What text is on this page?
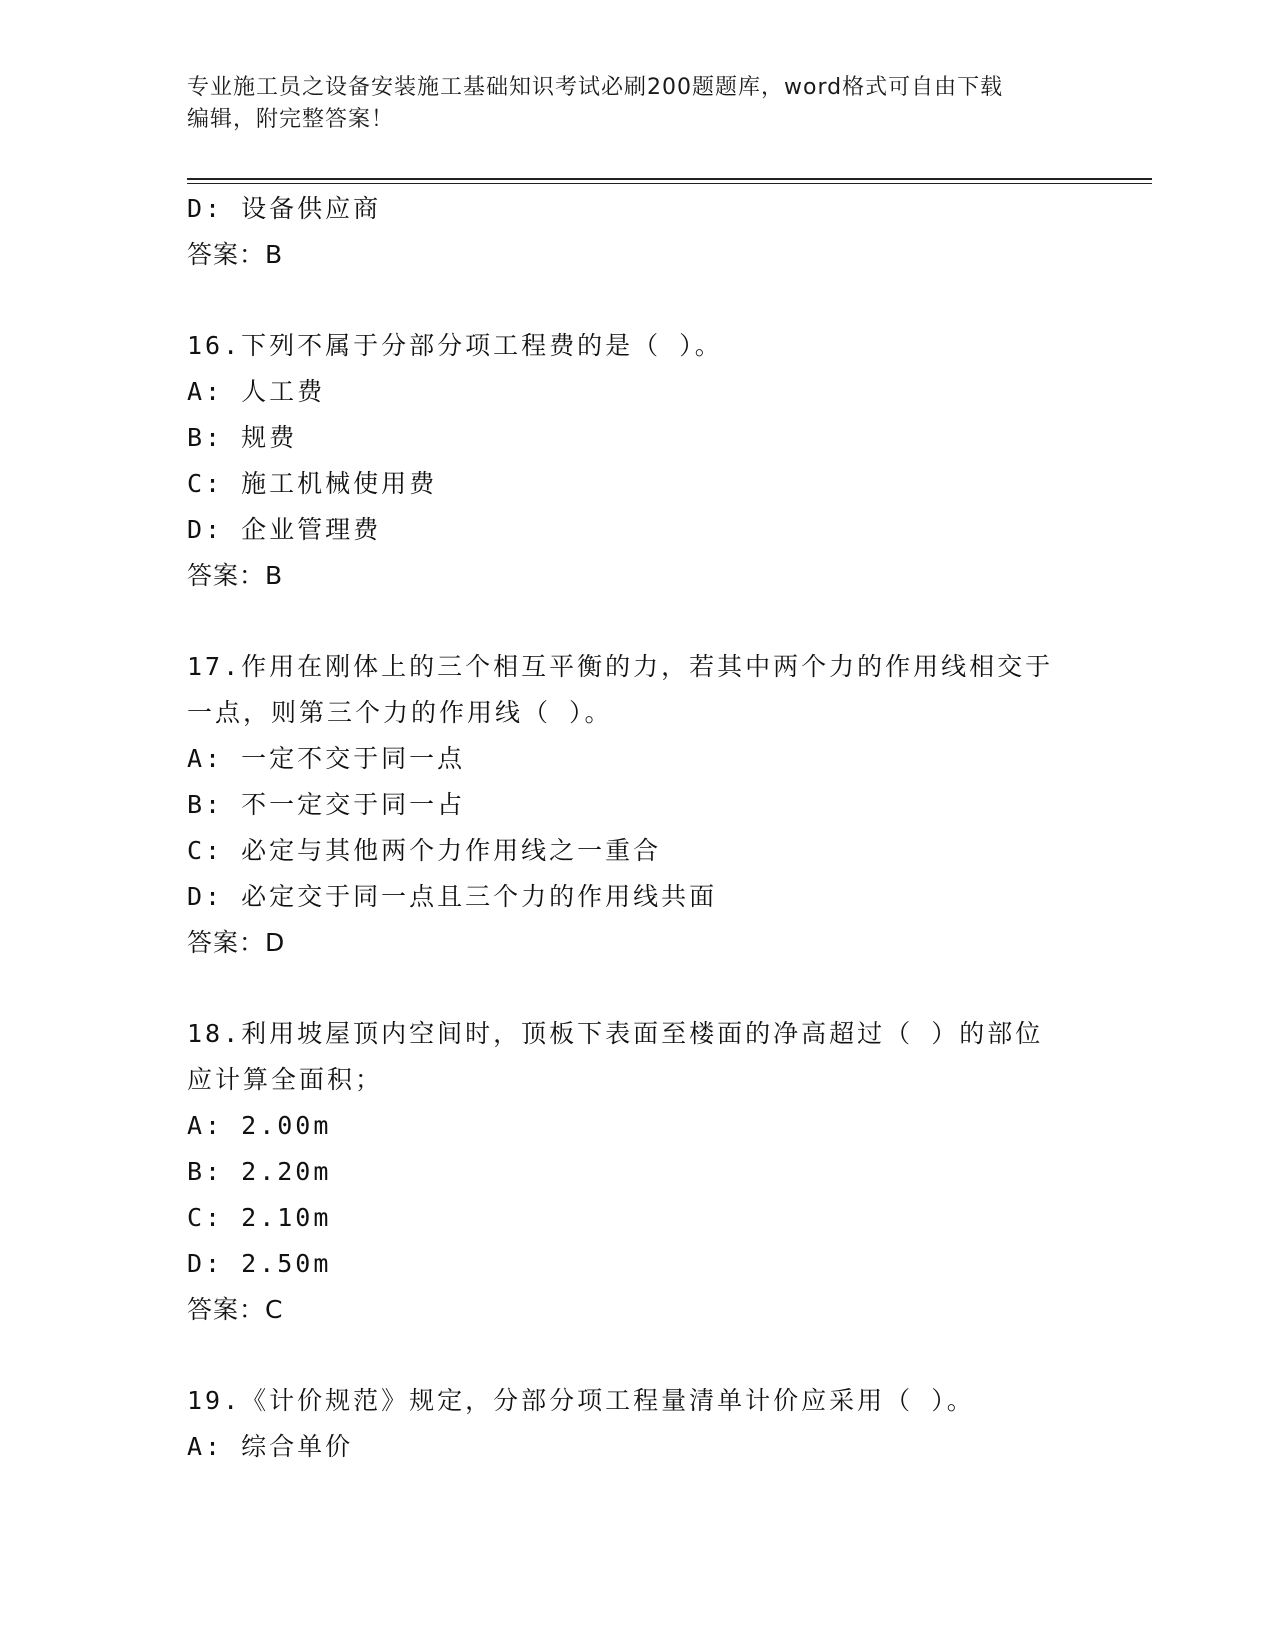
专业施工员之设备安装施工基础知识考试必刷200题题库，word格式可自由下载
编辑，附完整答案！
D: 设备供应商
答案：B
16.下列不属于分部分项工程费的是（ ）。
A: 人工费
B: 规费
C: 施工机械使用费
D: 企业管理费
答案：B
17.作用在刚体上的三个相互平衡的力，若其中两个力的作用线相交于
一点，则第三个力的作用线（ ）。
A: 一定不交于同一点
B: 不一定交于同一占
C: 必定与其他两个力作用线之一重合
D: 必定交于同一点且三个力的作用线共面
答案：D
18.利用坡屋顶内空间时，顶板下表面至楼面的净高超过（ ）的部位
应计算全面积；
A: 2.00m
B: 2.20m
C: 2.10m
D: 2.50m
答案：C
19.《计价规范》规定，分部分项工程量清单计价应采用（ ）。
A: 综合单价
